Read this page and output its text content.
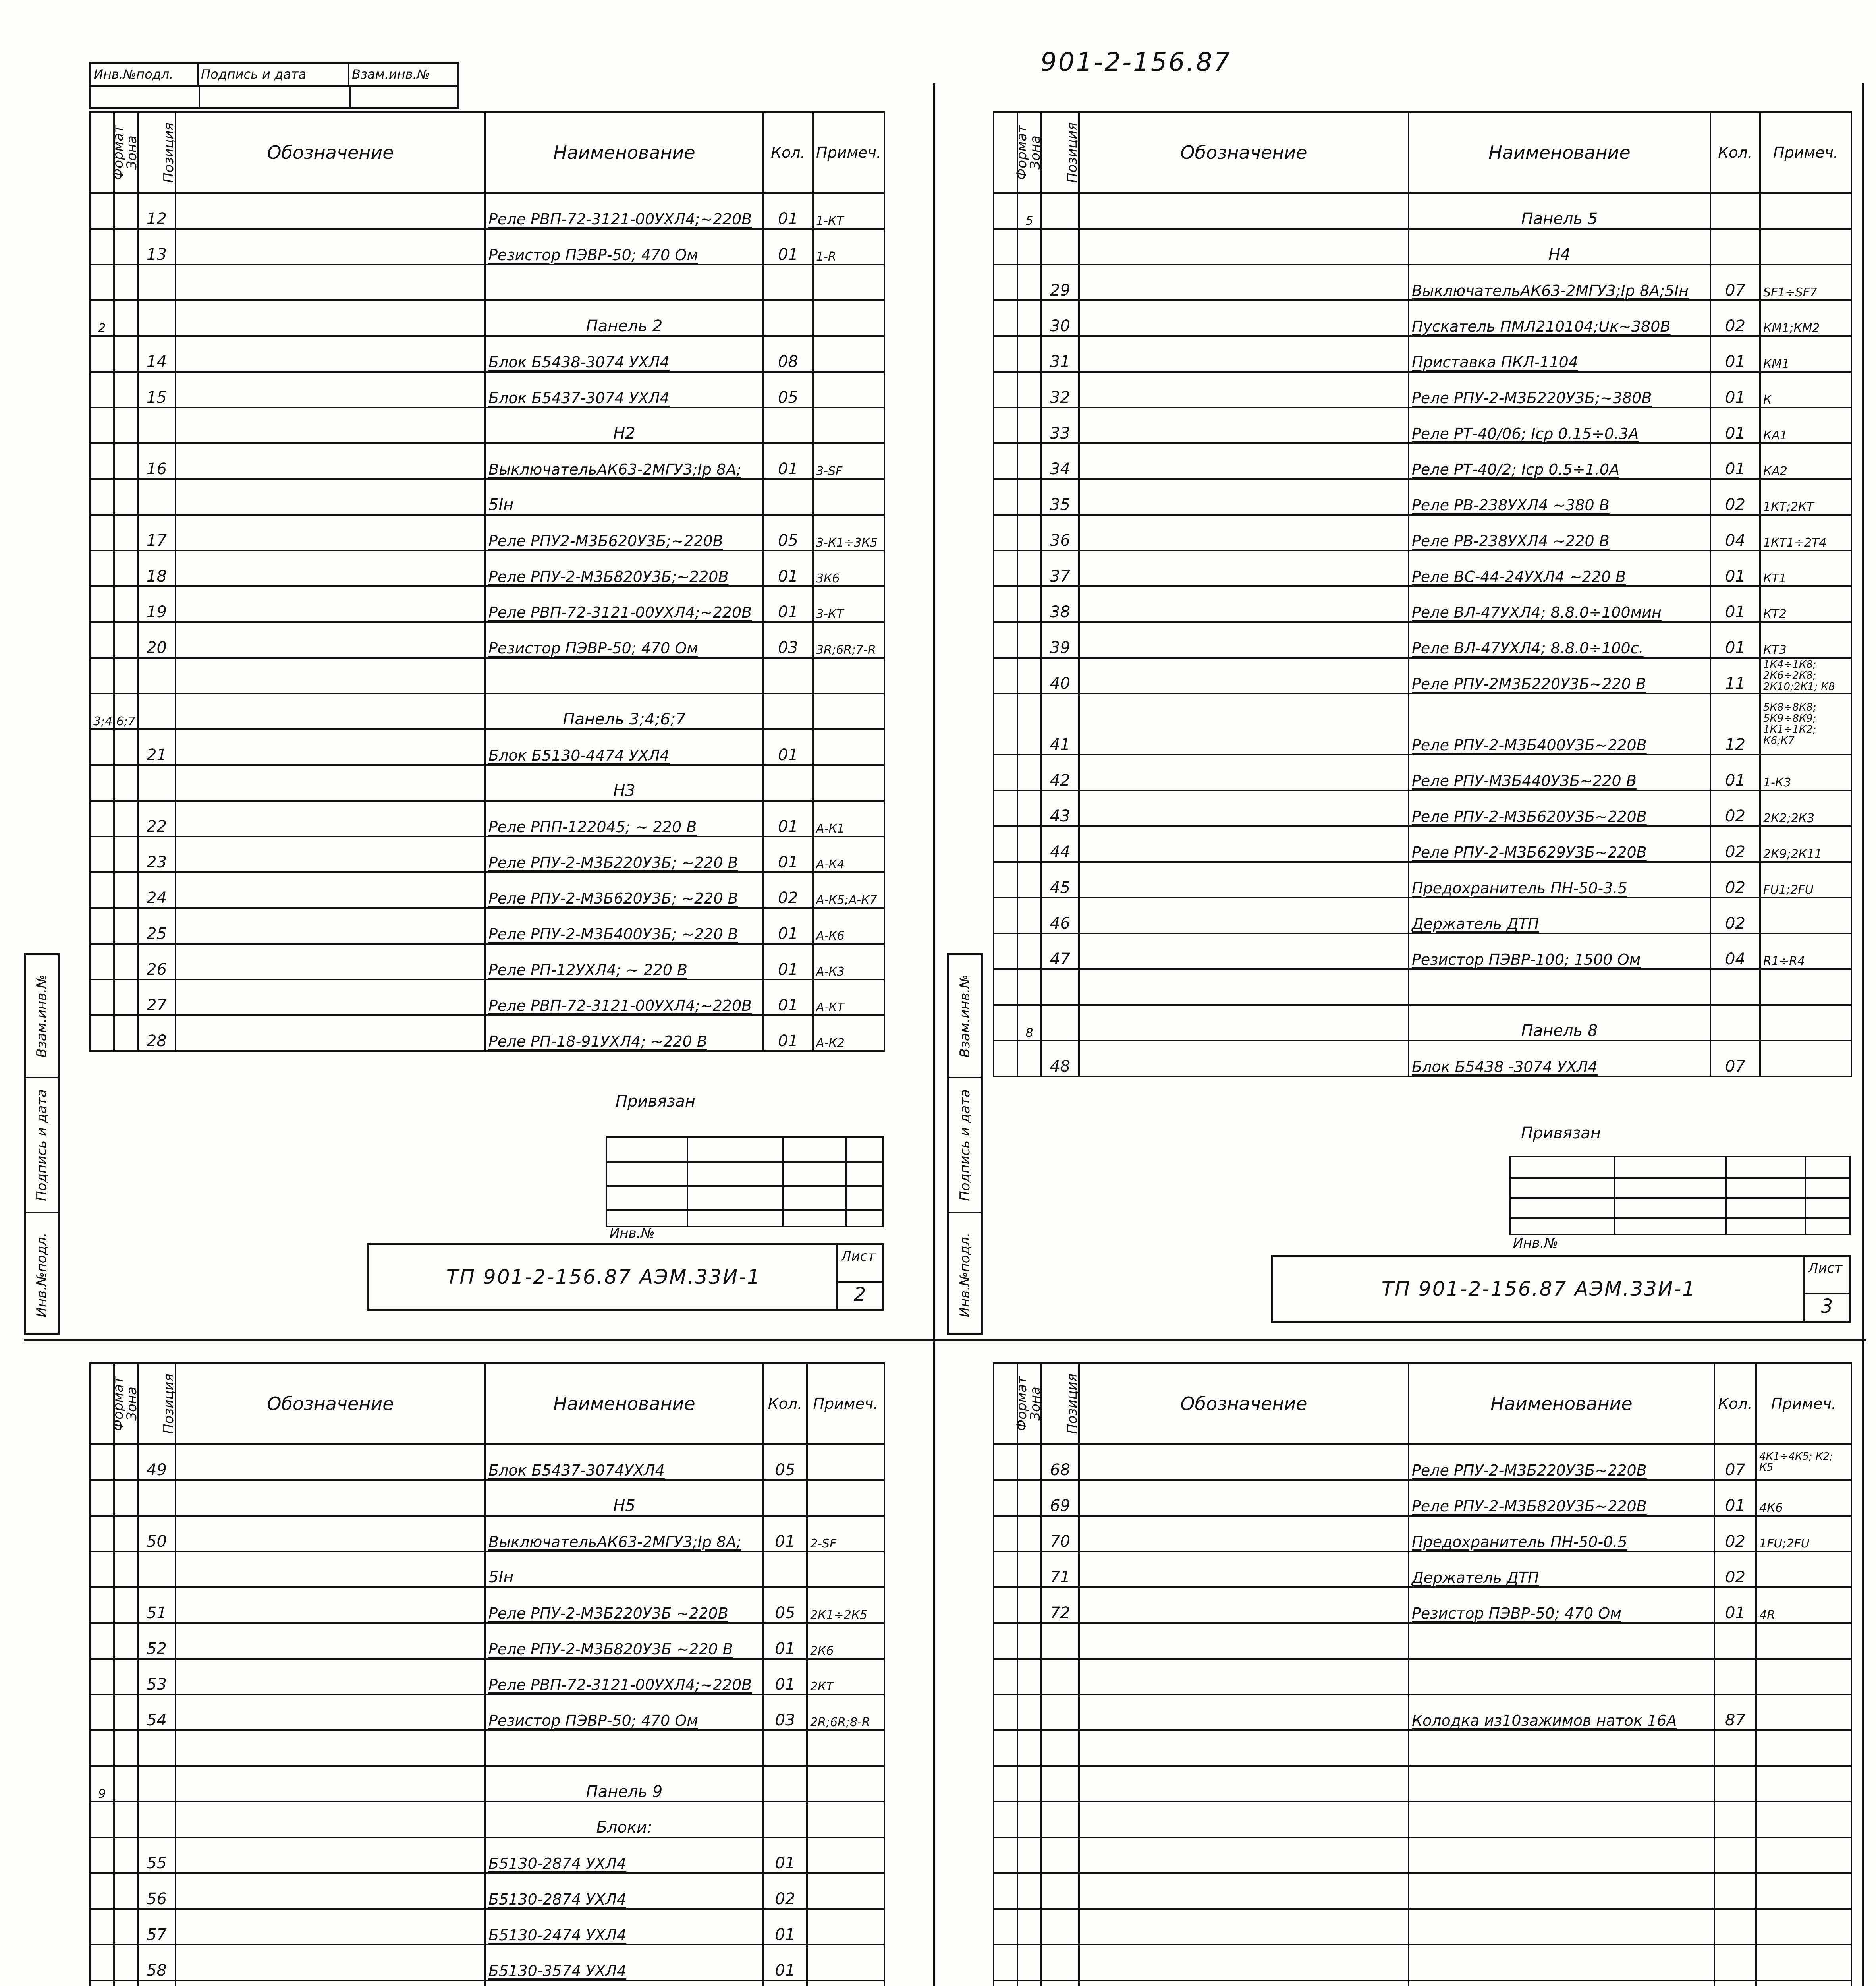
901-2-156.87
Инв.№подл.	Подпись и дата	Взам.инв.№
Взам.инв.№
Подпись и дата
Инв.№подл.
Формат	Зона	Позиция	Обозначение	Наименование	Кол.	Примеч.
		12		Реле РВП-72-3121-00УХЛ4;~220В	01	1-КТ
		13		Резистор ПЭВР-50; 470 Ом	01	1-R

2				Панель 2		
		14		Блок Б5438-3074 УХЛ4	08	
		15		Блок Б5437-3074 УХЛ4	05	
				Н2		
		16		ВыключательАК63-2МГУ3;Iр 8А;	01	3-SF
				5Iн		
		17		Реле РПУ2-М3Б620У3Б;~220В	05	3-К1÷3К5
		18		Реле РПУ-2-М3Б820У3Б;~220В	01	3К6
		19		Реле РВП-72-3121-00УХЛ4;~220В	01	3-КТ
		20		Резистор ПЭВР-50; 470 Ом	03	3R;6R;7-R

3;4 6;7				Панель 3;4;6;7		
		21		Блок Б5130-4474 УХЛ4	01	
				Н3		
		22		Реле РПП-122045; ~ 220 В	01	А-К1
		23		Реле РПУ-2-М3Б220У3Б; ~220 В	01	А-К4
		24		Реле РПУ-2-М3Б620У3Б; ~220 В	02	А-К5;А-К7
		25		Реле РПУ-2-М3Б400У3Б; ~220 В	01	А-К6
		26		Реле РП-12УХЛ4; ~ 220 В	01	А-К3
		27		Реле РВП-72-3121-00УХЛ4;~220В	01	А-КТ
		28		Реле РП-18-91УХЛ4; ~220 В	01	А-К2
Привязан
Инв.№
ТП 901-2-156.87 АЭМ.33И-1
Лист
2
Взам.инв.№
Подпись и дата
Инв.№подл.
Формат	Зона	Позиция	Обозначение	Наименование	Кол.	Примеч.
	5			Панель 5		
				Н4		
		29		ВыключательАК63-2МГУ3;Iр 8А;5Iн	07	SF1÷SF7
		30		Пускатель ПМЛ210104;Uк~380В	02	КМ1;КМ2
		31		Приставка ПКЛ-1104	01	КМ1
		32		Реле РПУ-2-М3Б220У3Б;~380В	01	К
		33		Реле РТ-40/06; Iср 0.15÷0.3А	01	КА1
		34		Реле РТ-40/2; Iср 0.5÷1.0А	01	КА2
		35		Реле РВ-238УХЛ4 ~380 В	02	1КТ;2КТ
		36		Реле РВ-238УХЛ4 ~220 В	04	1КТ1÷2Т4
		37		Реле ВС-44-24УХЛ4 ~220 В	01	КТ1
		38		Реле ВЛ-47УХЛ4; 8.8.0÷100мин	01	КТ2
		39		Реле ВЛ-47УХЛ4; 8.8.0÷100с.	01	КТ3
		40		Реле РПУ-2М3Б220У3Б~220 В	11	1К4÷1К8; 2К6÷2К8; 2К10;2К1; К8
		41		Реле РПУ-2-М3Б400У3Б~220В	12	5К8÷8К8; 5К9÷8К9; 1К1÷1К2; К6;К7
		42		Реле РПУ-М3Б440У3Б~220 В	01	1-К3
		43		Реле РПУ-2-М3Б620У3Б~220В	02	2К2;2К3
		44		Реле РПУ-2-М3Б629У3Б~220В	02	2К9;2К11
		45		Предохранитель ПН-50-3.5	02	FU1;2FU
		46		Держатель ДТП	02	
		47		Резистор ПЭВР-100; 1500 Ом	04	R1÷R4

	8			Панель 8		
		48		Блок Б5438 -3074 УХЛ4	07	
Привязан
Инв.№
ТП 901-2-156.87 АЭМ.33И-1
Лист
3
Формат	Зона	Позиция	Обозначение	Наименование	Кол.	Примеч.
		49		Блок Б5437-3074УХЛ4	05	
				Н5		
		50		ВыключательАК63-2МГУ3;Iр 8А;	01	2-SF
				5Iн		
		51		Реле РПУ-2-М3Б220У3Б ~220В	05	2К1÷2К5
		52		Реле РПУ-2-М3Б820У3Б ~220 В	01	2К6
		53		Реле РВП-72-3121-00УХЛ4;~220В	01	2КТ
		54		Резистор ПЭВР-50; 470 Ом	03	2R;6R;8-R

9				Панель 9		
				Блоки:		
		55		Б5130-2874 УХЛ4	01	
		56		Б5130-2874 УХЛ4	02	
		57		Б5130-2474 УХЛ4	01	
		58		Б5130-3574 УХЛ4	01	

Формат	Зона	Позиция	Обозначение	Наименование	Кол.	Примеч.
		68		Реле РПУ-2-М3Б220У3Б~220В	07	4К1÷4К5; К2; К5
		69		Реле РПУ-2-М3Б820У3Б~220В	01	4К6
		70		Предохранитель ПН-50-0.5	02	1FU;2FU
		71		Держатель ДТП	02	
		72		Резистор ПЭВР-50; 470 Ом	01	4R

				Колодка из10зажимов наток 16А	87	
